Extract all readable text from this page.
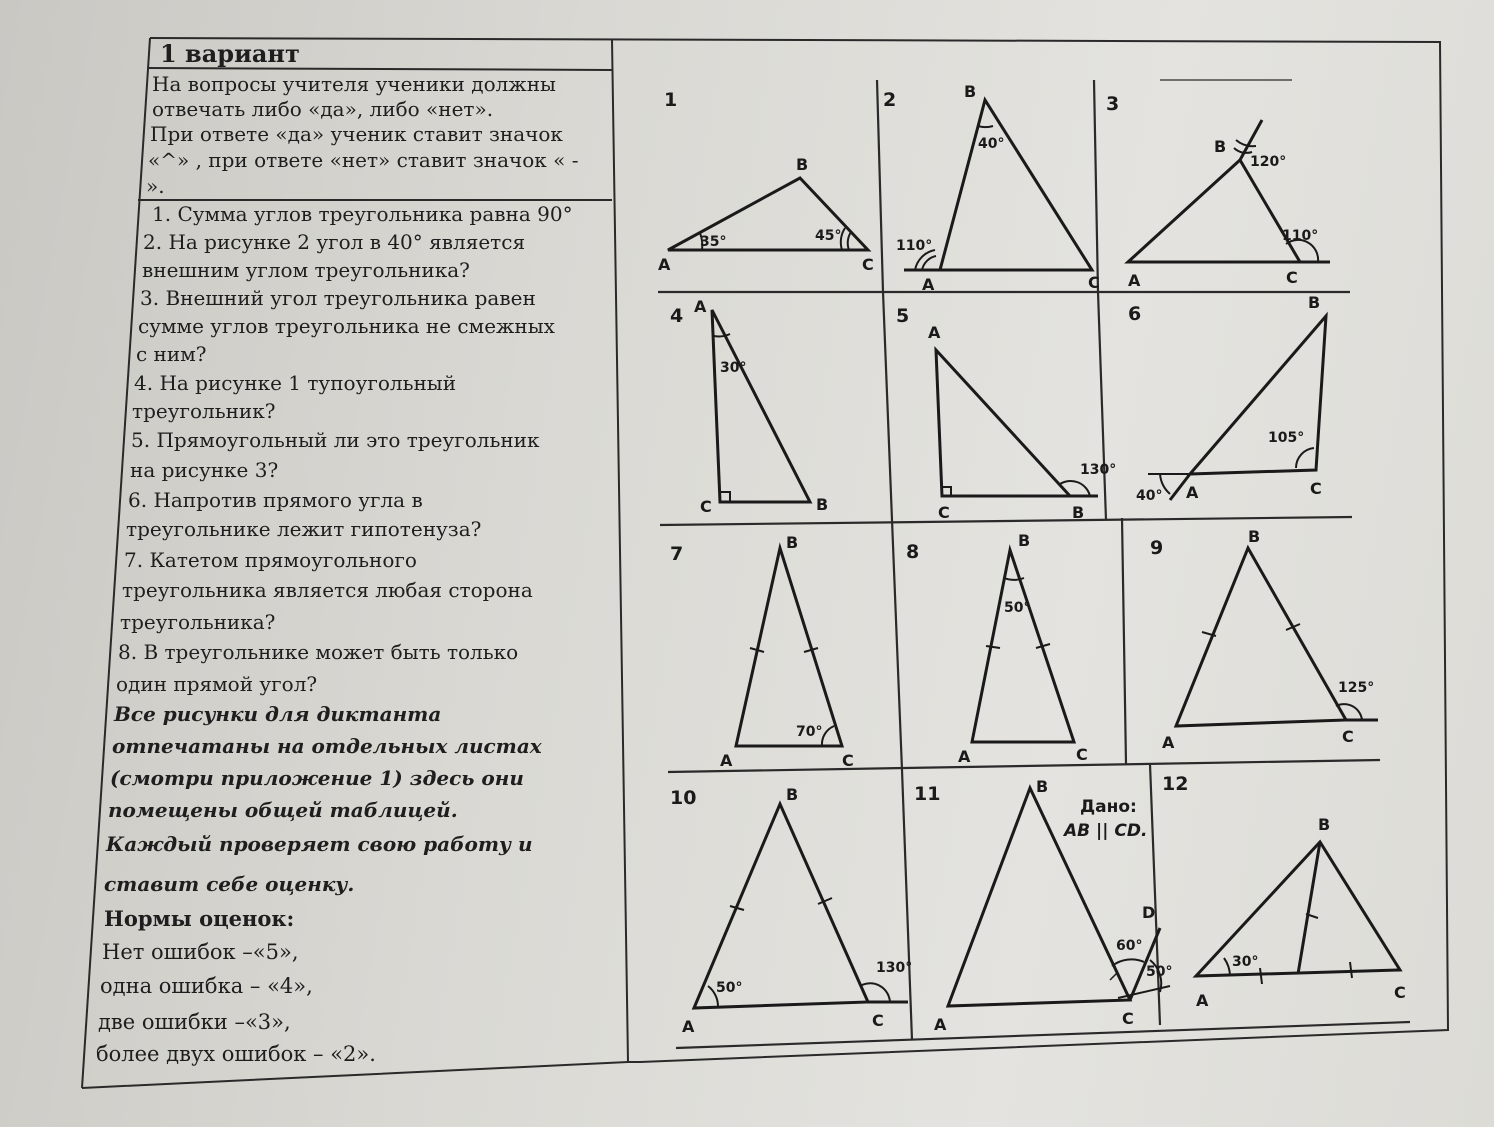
1 вариант
На вопросы учителя ученики должны
отвечать либо «да», либо «нет».
При ответе «да» ученик ставит значок
«^» , при ответе «нет» ставит значок « -
».
1. Сумма углов треугольника равна 90°
2. На рисунке 2 угол в 40° является
внешним углом треугольника?
3. Внешний угол треугольника равен
сумме углов треугольника не смежных
с ним?
4. На рисунке 1 тупоугольный
треугольник?
5. Прямоугольный ли это треугольник
на рисунке 3?
6. Напротив прямого угла в
треугольнике лежит гипотенуза?
7. Катетом прямоугольного
треугольника является любая сторона
треугольника?
8. В треугольнике может быть только
один прямой угол?
Все рисунки для диктанта
отпечатаны на отдельных листах
(смотри приложение 1) здесь они
помещены общей таблицей.
Каждый проверяет свою работу и
ставит себе оценку.
Нормы оценок:
Нет ошибок –«5»,
одна ошибка – «4»,
две ошибки –«3»,
более двух ошибок – «2».
1
A
B
C
35°	45°
2
A
B
C
40°
110°
3
A
B
C
120°
110°
4 A
B
C
30°
5
A
B
C
130°
6
A
B
C
105°
40°
7
A
B
C
70°
8
A
B
C
50°
9
A
B
C
125°
10
A
B
C
50°
130°
11
A
B
C
D
Дано:
AB || CD.
60°
50°
12
A
B
C
30°
